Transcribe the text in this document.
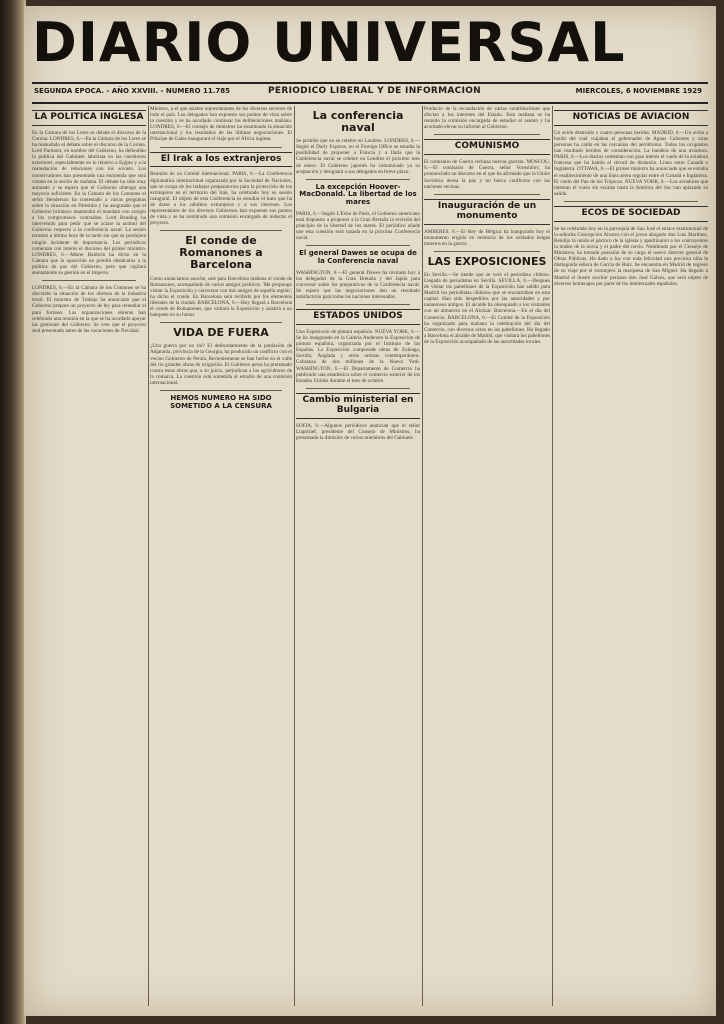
DIARIO UNIVERSAL
SEGUNDA EPOCA. - AÑO XXVIII. - NUMERO 11.785	PERIODICO LIBERAL Y DE INFORMACION	MIERCOLES, 6 NOVIEMBRE 1929
LA POLITICA INGLESA

En la Cámara de los Lores se debate el discurso de la Corona. LONDRES, 6.—En la Cámara de los Lores se ha reanudado el debate sobre el discurso de la Corona. Lord Parmoor, en nombre del Gobierno, ha defendido la política del Gabinete laborista en las cuestiones exteriores, especialmente en lo relativo a Egipto y a la reanudación de relaciones con los soviets. Los conservadores han presentado una enmienda que será votada en la sesión de mañana. El debate ha sido muy animado y se espera que el Gobierno obtenga una mayoría suficiente. En la Cámara de los Comunes el señor Henderson ha contestado a varias preguntas sobre la situación en Palestina y ha asegurado que el Gobierno británico mantendrá el mandato con arreglo a los compromisos contraídos. Lord Reading ha intervenido para pedir que se aclare la actitud del Gobierno respecto a la conferencia naval. La sesión terminó a última hora de la tarde sin que se produjera ningún incidente de importancia. Los periódicos comentan con interés el discurso del primer ministro. LONDRES, 6.—Mister Baldwin ha dicho en la Cámara que la oposición no pondrá obstáculos a la política de paz del Gobierno, pero que vigilará atentamente su gestión en el Imperio.

LONDRES, 6.—En la Cámara de los Comunes se ha discutido la situación de los obreros de la industria textil. El ministro de Trabajo ha anunciado que el Gobierno prepara un proyecto de ley para remediar el paro forzoso. Las organizaciones obreras han celebrado una reunión en la que se ha acordado apoyar las gestiones del Gobierno. Se cree que el proyecto será presentado antes de las vacaciones de Navidad.

Ministro, a el que asisten representantes de los diversos sectores de todo el país. Los delegados han expuesto sus puntos de vista sobre la cuestión y se ha acordado continuar las deliberaciones mañana. LONDRES, 6.—El consejo de ministros ha examinado la situación internacional y los resultados de las últimas negociaciones. El Príncipe de Gales inaugurará el viaje por el África inglesa.

El Irak a los extranjeros

Reunión de un Comité internacional. PARIS, 6.—La Conferencia diplomática internacional organizada por la Sociedad de Naciones, que se ocupa de los trabajos preparatorios para la protección de los extranjeros en el territorio del Irak, ha celebrado hoy su sesión inaugural. El objeto de esta Conferencia es estudiar el trato que ha de darse a los súbditos extranjeros y a sus intereses. Los representantes de los diversos Gobiernos han expuesto sus puntos de vista y se ha nombrado una comisión encargada de redactar el proyecto.

El conde de Romanones a Barcelona

Como anunciamos anoche, sale para Barcelona mañana el conde de Romanones, acompañado de varios amigos políticos. 'Me propongo visitar la Exposición y conversar con mis amigos de aquella región', ha dicho el conde. En Barcelona será recibido por los elementos liberales de la ciudad. BARCELONA, 6.—Hoy llegará a Barcelona el conde de Romanones, que visitará la Exposición y asistirá a un banquete en su honor.

VIDA DE FUERA

¿Una guerra por un río? El desbordamiento de la población de Adjarania, provincia de la Georgia, ha producido un conflicto con el vecino Gobierno de Persia. Recientemente se han hecho en el valle del río grandes obras de irrigación. El Gobierno persa ha protestado contra estas obras que, a su juicio, perjudican a los agricultores de la comarca. La cuestión está sometida al estudio de una comisión internacional.

HEMOS NUMERO HA SIDO SOMETIDO A LA CENSURA
La conferencia naval

Se prohíbe que no se celebre en Londres. LONDRES, 6.—Según el Daily Express, en el Foreign Office se estudia la posibilidad de proponer a Francia y a Italia que la Conferencia naval se celebre en Londres el próximo mes de enero. El Gobierno japonés ha comunicado ya su aceptación y designará a sus delegados en breve plazo.

La excepción Hoover-MacDonald. La libertad de los mares

PARIS, 6.—Según L'Echo de Paris, el Gobierno americano está dispuesto a proponer a la Gran Bretaña la revisión del principio de la libertad de los mares. El periódico añade que esta cuestión será tratada en la próxima Conferencia naval.

El general Dawes se ocupa de la Conferencia naval

WASHINGTON, 6.—El general Dawes ha invitado hoy a los delegados de la Gran Bretaña y del Japón para conversar sobre los preparativos de la Conferencia naval. Se espera que las negociaciones den un resultado satisfactorio para todas las naciones interesadas.

ESTADOS UNIDOS

Una Exposición de pintura española. NUEVA YORK, 6.—Se ha inaugurado en la Galería Anderson la Exposición de pintura española, organizada por el Instituto de las Españas. La Exposición comprende obras de Zuloaga, Sorolla, Anglada y otros artistas contemporáneos. Cobranza de dos millones de la Nueva York. WASHINGTON, 6.—El Departamento de Comercio ha publicado una estadística sobre el comercio exterior de los Estados Unidos durante el mes de octubre.

Cambio ministerial en Bulgaria

SOFIA, 6.—Algunos periódicos anuncian que el señor Liaptchef, presidente del Consejo de Ministros, ha presentado la dimisión de varios miembros del Gabinete.

Producto de la recaudación de varias contribuciones que afectan a los intereses del Estado. Esta mañana se ha reunido la comisión encargada de estudiar el asunto y ha acordado elevar su informe al Gobierno.

COMUNISMO

El comisario de Guerra rechaza nuevas guerras. MOSCOU, 6.—El comisario de Guerra, señor Voroshilov, ha pronunciado un discurso en el que ha afirmado que la Unión Soviética desea la paz y no busca conflictos con las naciones vecinas.

Inauguración de un monumento

AMBERES, 6.—El Rey de Bélgica ha inaugurado hoy el monumento erigido en memoria de los soldados belgas muertos en la guerra.

LAS EXPOSICIONES

En Sevilla.—Se tiende que se verá el periodista chileno. Llegada de periodistas en Sevilla. SEVILLA, 6.—Después de visitar los pabellones de la Exposición han salido para Madrid los periodistas chilenos que se encontraban en esta capital. Han sido despedidos por las autoridades y por numerosos amigos. El alcalde ha obsequiado a los visitantes con un almuerzo en el Alcázar. Barcelona.—En el día del Comercio. BARCELONA, 6.—El Comité de la Exposición ha organizado para mañana la celebración del día del Comercio, con diversos actos en los pabellones. Ha llegado a Barcelona el alcalde de Madrid, que visitará los pabellones de la Exposición acompañado de las autoridades locales.

NOTICIAS DE AVIACION

Un avión destruido y cuatro personas heridas. MADRID, 6.—Un avión a bordo del cual viajaban el gobernador de Aguas Calientes y otras personas ha caído en las cercanías del aeródromo. Todos los ocupantes han resultado heridos de consideración. La bandera de una aviadora. PARIS, 6.—Los diarios comentan con gran interés el vuelo de la aviadora francesa que ha batido el récord de distancia. Línea entre Canadá e Inglaterra. OTTAWA, 6.—El primer ministro ha anunciado que se estudia el establecimiento de una línea aérea regular entre el Canadá e Inglaterra. El vuelo del Pan de los Trópicos. NUEVA YORK, 6.—Los aviadores que intentan el vuelo sin escalas hasta la América del Sur han aplazado su salida.

ECOS DE SOCIEDAD

Se ha celebrado hoy en la parroquia de San José el enlace matrimonial de la señorita Concepción Alvarez con el joven abogado don Luis Martínez. Bendijo la unión el párroco de la iglesia y apadrinaron a los contrayentes la madre de la novia y el padre del novio. Nombrado por el Consejo de Ministros, ha tomado posesión de su cargo el nuevo director general de Obras Públicas. Ha dado a luz con toda felicidad una preciosa niña la distinguida señora de García de Ruiz. Se encuentra en Madrid de regreso de su viaje por el extranjero la marquesa de San Miguel. Ha llegado a Madrid el ilustre escritor peruano don José Gálvez, que será objeto de diversos homenajes por parte de los intelectuales españoles.
